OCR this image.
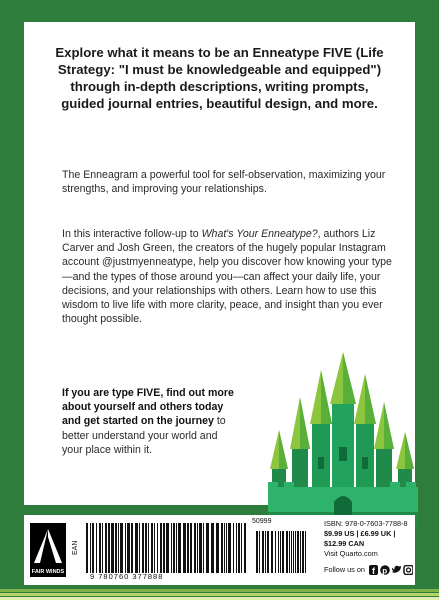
Explore what it means to be an Enneatype FIVE (Life Strategy: "I must be knowledgeable and equipped") through in-depth descriptions, writing prompts, guided journal entries, beautiful design, and more.

The Enneagram a powerful tool for self-observation, maximizing your strengths, and improving your relationships.

In this interactive follow-up to What's Your Enneatype?, authors Liz Carver and Josh Green, the creators of the hugely popular Instagram account @justmyenneatype, help you discover how knowing your type—and the types of those around you—can affect your daily life, your decisions, and your relationships with others. Learn how to use this wisdom to live life with more clarity, peace, and insight than you ever thought possible.

If you are type FIVE, find out more about yourself and others today and get started on the journey to better understand your world and your place within it.

FAIR WINDS
EAN
50999
9 780760 377888
ISBN: 978-0-7603-7788-8
$9.99 US | £6.99 UK | $12.99 CAN
Visit Quarto.com
Follow us on f p
